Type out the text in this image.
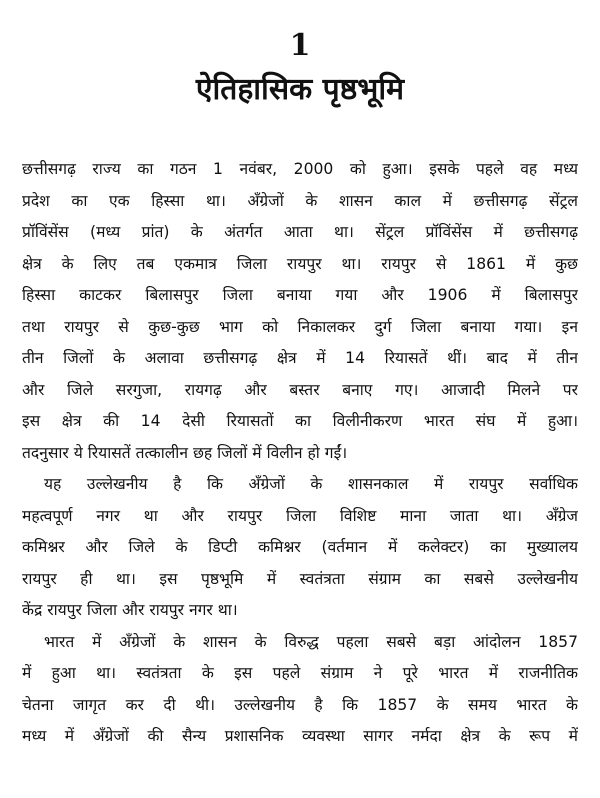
1
ऐतिहासिक पृष्ठभूमि
छत्तीसगढ़ राज्य का गठन 1 नवंबर, 2000 को हुआ। इसके पहले वह मध्य
प्रदेश का एक हिस्सा था। अँग्रेजों के शासन काल में छत्तीसगढ़ सेंट्रल
प्रॉविंसेंस (मध्य प्रांत) के अंतर्गत आता था। सेंट्रल प्रॉविंसेंस में छत्तीसगढ़
क्षेत्र के लिए तब एकमात्र जिला रायपुर था। रायपुर से 1861 में कुछ
हिस्सा काटकर बिलासपुर जिला बनाया गया और 1906 में बिलासपुर
तथा रायपुर से कुछ-कुछ भाग को निकालकर दुर्ग जिला बनाया गया। इन
तीन जिलों के अलावा छत्तीसगढ़ क्षेत्र में 14 रियासतें थीं। बाद में तीन
और जिले सरगुजा, रायगढ़ और बस्तर बनाए गए। आजादी मिलने पर
इस क्षेत्र की 14 देसी रियासतों का विलीनीकरण भारत संघ में हुआ।
तदनुसार ये रियासतें तत्कालीन छह जिलों में विलीन हो गईं।
यह उल्लेखनीय है कि अँग्रेजों के शासनकाल में रायपुर सर्वाधिक
महत्वपूर्ण नगर था और रायपुर जिला विशिष्ट माना जाता था। अँग्रेज
कमिश्नर और जिले के डिप्टी कमिश्नर (वर्तमान में कलेक्टर) का मुख्यालय
रायपुर ही था। इस पृष्ठभूमि में स्वतंत्रता संग्राम का सबसे उल्लेखनीय
केंद्र रायपुर जिला और रायपुर नगर था।
भारत में अँग्रेजों के शासन के विरुद्ध पहला सबसे बड़ा आंदोलन 1857
में हुआ था। स्वतंत्रता के इस पहले संग्राम ने पूरे भारत में राजनीतिक
चेतना जागृत कर दी थी। उल्लेखनीय है कि 1857 के समय भारत के
मध्य में अँग्रेजों की सैन्य प्रशासनिक व्यवस्था सागर नर्मदा क्षेत्र के रूप में
